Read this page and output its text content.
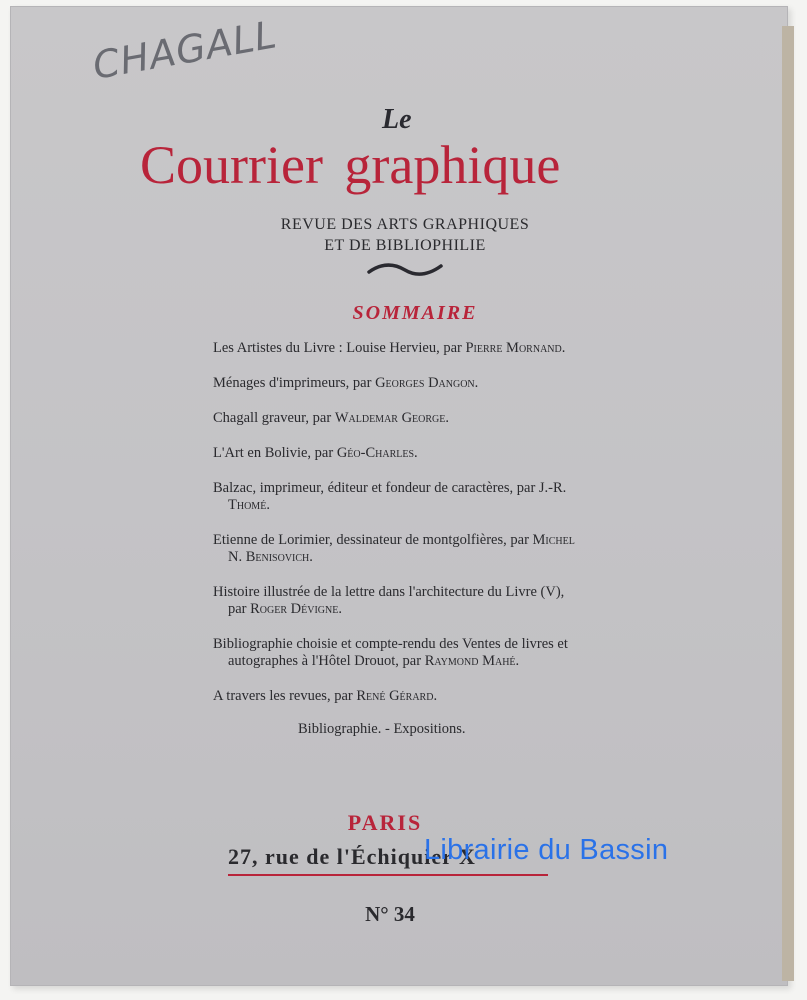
CHAGALL
Le
Courrier graphique
REVUE DES ARTS GRAPHIQUES
ET DE BIBLIOPHILIE
SOMMAIRE
Les Artistes du Livre : Louise Hervieu, par Pierre Mornand.
Ménages d'imprimeurs, par Georges Dangon.
Chagall graveur, par Waldemar George.
L'Art en Bolivie, par Géo-Charles.
Balzac, imprimeur, éditeur et fondeur de caractères, par J.-R. Thomé.
Etienne de Lorimier, dessinateur de montgolfières, par Michel N. Benisovich.
Histoire illustrée de la lettre dans l'architecture du Livre (V), par Roger Dévigne.
Bibliographie choisie et compte-rendu des Ventes de livres et autographes à l'Hôtel Drouot, par Raymond Mahé.
A travers les revues, par René Gérard.
Bibliographie. - Expositions.
PARIS
27, rue de l'Échiquier X
N° 34
Librairie du Bassin
